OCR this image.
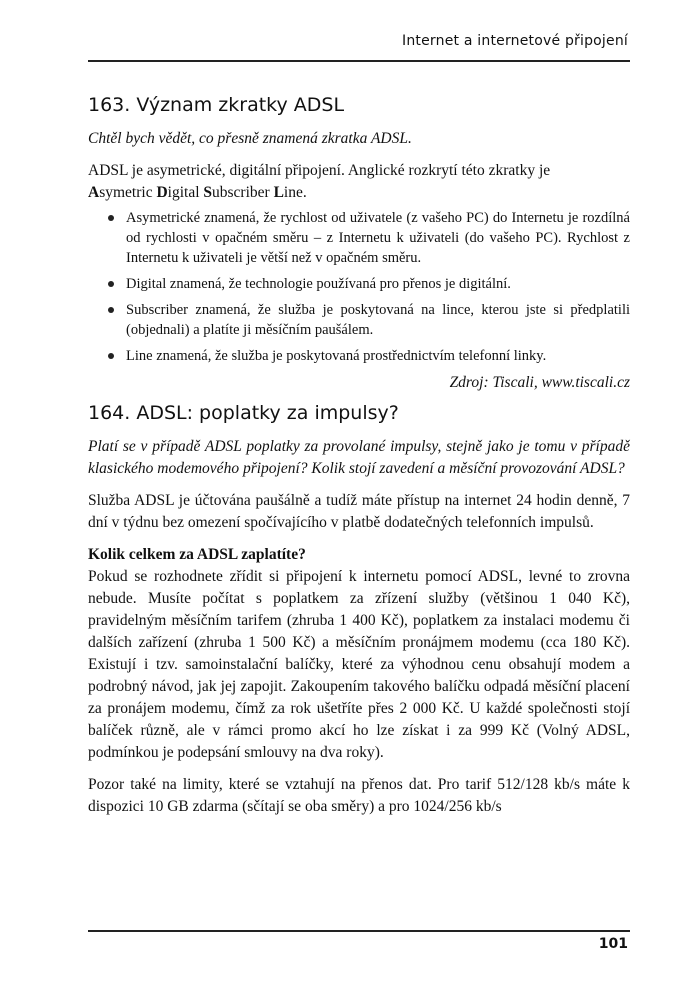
Internet a internetové připojení
163. Význam zkratky ADSL

Chtěl bych vědět, co přesně znamená zkratka ADSL.

ADSL je asymetrické, digitální připojení. Anglické rozkrytí této zkratky je
Asymetric Digital Subscriber Line.

Asymetrické znamená, že rychlost od uživatele (z vašeho PC) do Internetu je rozdílná od rychlosti v opačném směru – z Internetu k uživateli (do vašeho PC). Rychlost z Internetu k uživateli je větší než v opačném směru.
Digital znamená, že technologie používaná pro přenos je digitální.
Subscriber znamená, že služba je poskytovaná na lince, kterou jste si předplatili (objednali) a platíte ji měsíčním paušálem.
Line znamená, že služba je poskytovaná prostřednictvím telefonní linky.

Zdroj: Tiscali, www.tiscali.cz

164. ADSL: poplatky za impulsy?

Platí se v případě ADSL poplatky za provolané impulsy, stejně jako je tomu v případě klasického modemového připojení? Kolik stojí zavedení a měsíční provozování ADSL?

Služba ADSL je účtována paušálně a tudíž máte přístup na internet 24 hodin denně, 7 dní v týdnu bez omezení spočívajícího v platbě dodatečných telefonních impulsů.

Kolik celkem za ADSL zaplatíte?

Pokud se rozhodnete zřídit si připojení k internetu pomocí ADSL, levné to zrovna nebude. Musíte počítat s poplatkem za zřízení služby (většinou 1 040 Kč), pravidelným měsíčním tarifem (zhruba 1 400 Kč), poplatkem za instalaci modemu či dalších zařízení (zhruba 1 500 Kč) a měsíčním pronájmem modemu (cca 180 Kč). Existují i tzv. samoinstalační balíčky, které za výhodnou cenu obsahují modem a podrobný návod, jak jej zapojit. Zakoupením takového balíčku odpadá měsíční placení za pronájem modemu, čímž za rok ušetříte přes 2 000 Kč. U každé společnosti stojí balíček různě, ale v rámci promo akcí ho lze získat i za 999 Kč (Volný ADSL, podmínkou je podepsání smlouvy na dva roky).

Pozor také na limity, které se vztahují na přenos dat. Pro tarif 512/128 kb/s máte k dispozici 10 GB zdarma (sčítají se oba směry) a pro 1024/256 kb/s

101
